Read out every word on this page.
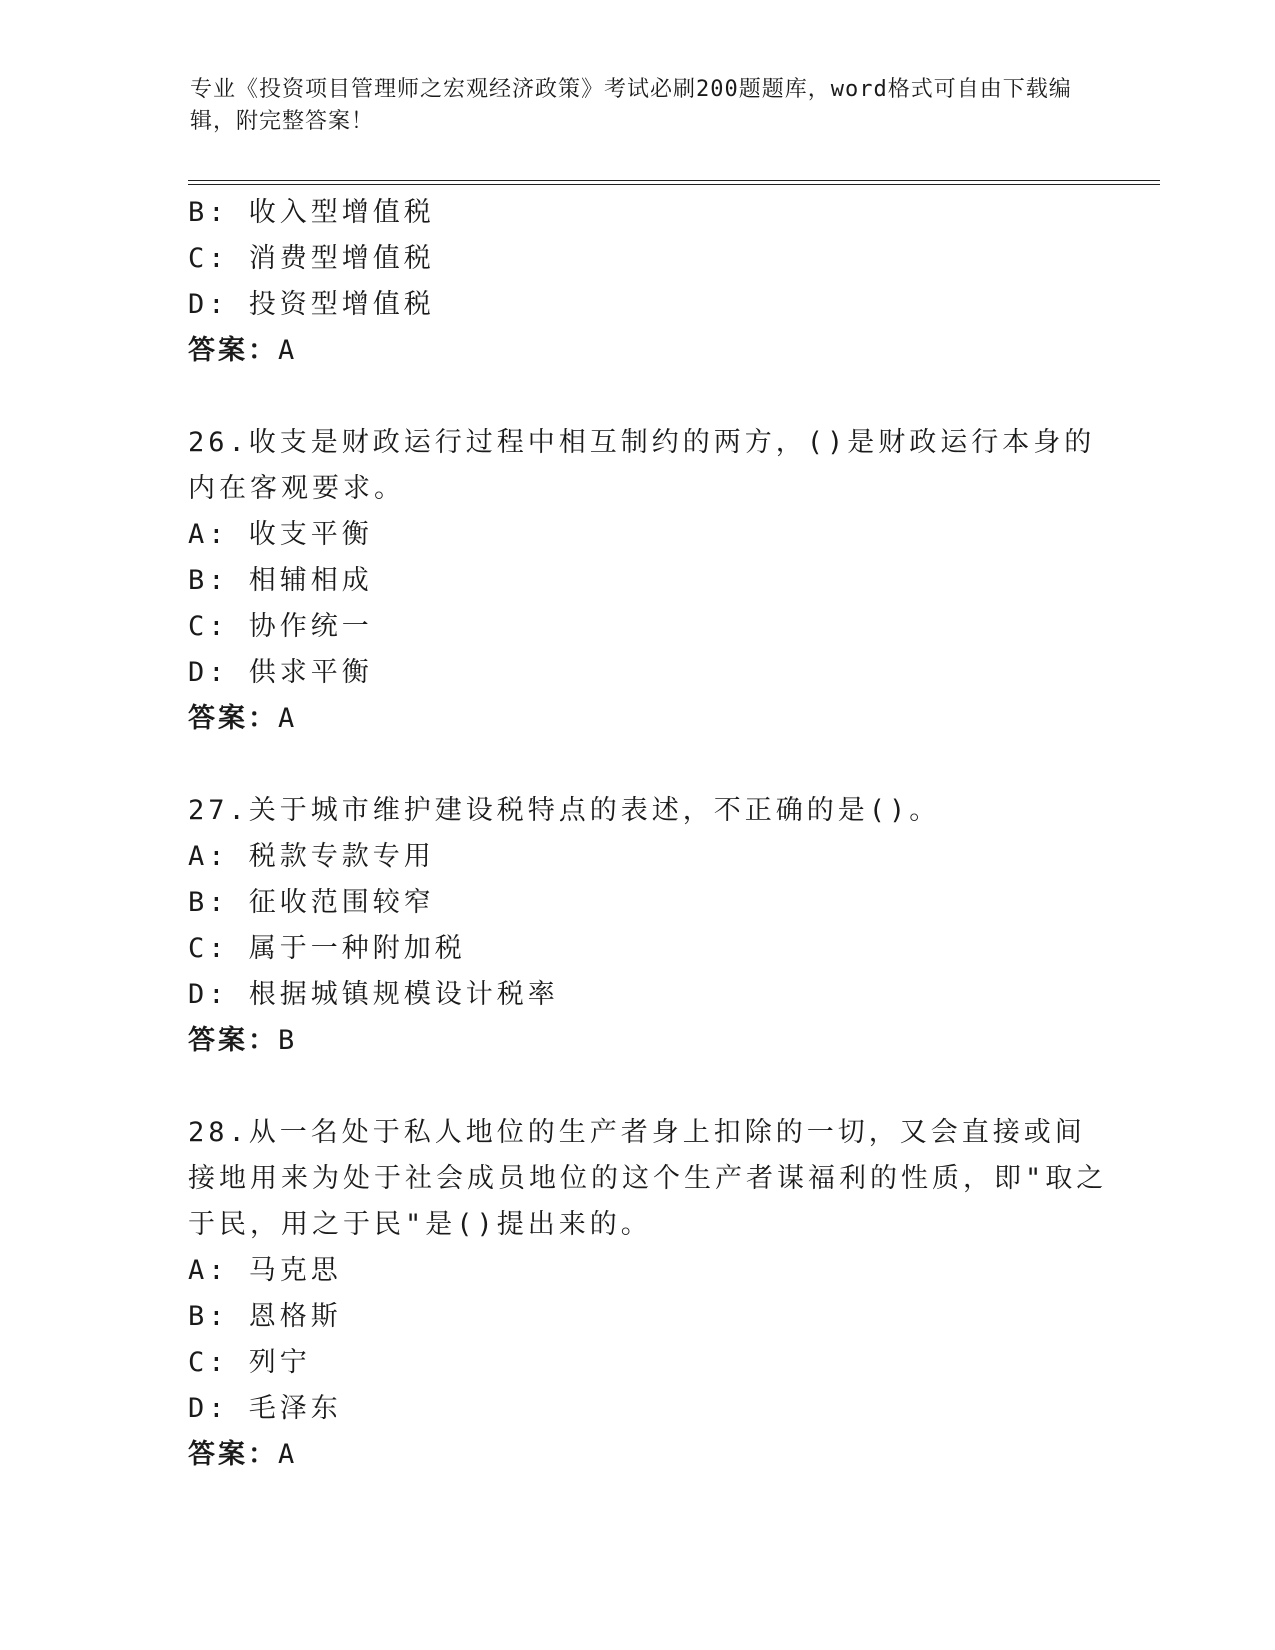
专业《投资项目管理师之宏观经济政策》考试必刷200题题库，word格式可自由下载编辑，附完整答案！
B: 收入型增值税
C: 消费型增值税
D: 投资型增值税
答案：A
26.收支是财政运行过程中相互制约的两方，()是财政运行本身的内在客观要求。
A: 收支平衡
B: 相辅相成
C: 协作统一
D: 供求平衡
答案：A
27.关于城市维护建设税特点的表述，不正确的是()。
A: 税款专款专用
B: 征收范围较窄
C: 属于一种附加税
D: 根据城镇规模设计税率
答案：B
28.从一名处于私人地位的生产者身上扣除的一切，又会直接或间接地用来为处于社会成员地位的这个生产者谋福利的性质，即"取之于民，用之于民"是()提出来的。
A: 马克思
B: 恩格斯
C: 列宁
D: 毛泽东
答案：A
